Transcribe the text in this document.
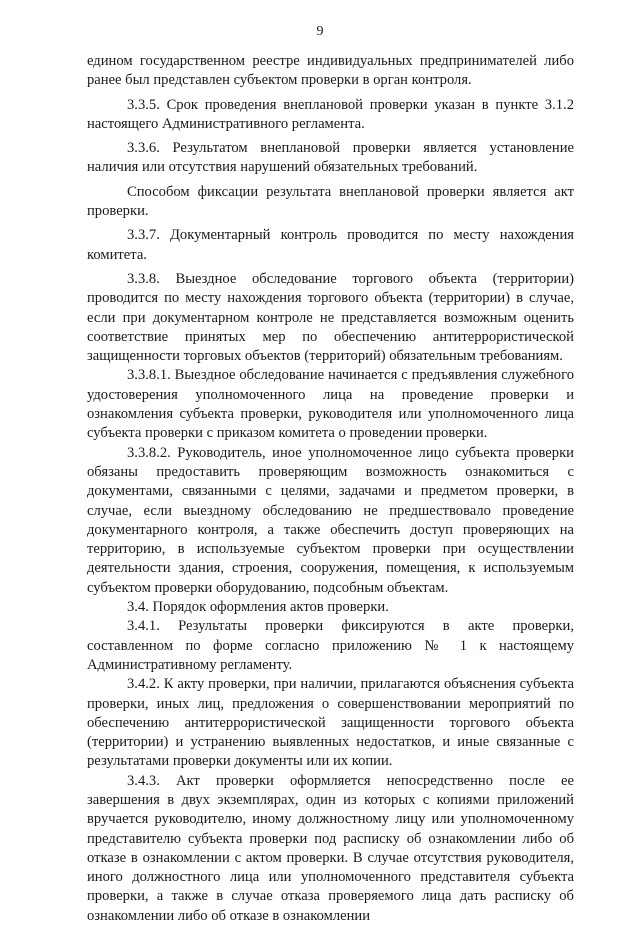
9

едином государственном реестре индивидуальных предпринимателей либо ранее был представлен субъектом проверки в орган контроля.

3.3.5. Срок проведения внеплановой проверки указан в пункте 3.1.2 настоящего Административного регламента.

3.3.6. Результатом внеплановой проверки является установление наличия или отсутствия нарушений обязательных требований.

Способом фиксации результата внеплановой проверки является акт проверки.

3.3.7. Документарный контроль проводится по месту нахождения комитета.

3.3.8. Выездное обследование торгового объекта (территории) проводится по месту нахождения торгового объекта (территории) в случае, если при документарном контроле не представляется возможным оценить соответствие принятых мер по обеспечению антитеррористической защищенности торговых объектов (территорий) обязательным требованиям.

3.3.8.1. Выездное обследование начинается с предъявления служебного удостоверения уполномоченного лица на проведение проверки и ознакомления субъекта проверки, руководителя или уполномоченного лица субъекта проверки с приказом комитета о проведении проверки.

3.3.8.2. Руководитель, иное уполномоченное лицо субъекта проверки обязаны предоставить проверяющим возможность ознакомиться с документами, связанными с целями, задачами и предметом проверки, в случае, если выездному обследованию не предшествовало проведение документарного контроля, а также обеспечить доступ проверяющих на территорию, в используемые субъектом проверки при осуществлении деятельности здания, строения, сооружения, помещения, к используемым субъектом проверки оборудованию, подсобным объектам.

3.4. Порядок оформления актов проверки.

3.4.1. Результаты проверки фиксируются в акте проверки, составленном по форме согласно приложению № 1 к настоящему Административному регламенту.

3.4.2. К акту проверки, при наличии, прилагаются объяснения субъекта проверки, иных лиц, предложения о совершенствовании мероприятий по обеспечению антитеррористической защищенности торгового объекта (территории) и устранению выявленных недостатков, и иные связанные с результатами проверки документы или их копии.

3.4.3. Акт проверки оформляется непосредственно после ее завершения в двух экземплярах, один из которых с копиями приложений вручается руководителю, иному должностному лицу или уполномоченному представителю субъекта проверки под расписку об ознакомлении либо об отказе в ознакомлении с актом проверки. В случае отсутствия руководителя, иного должностного лица или уполномоченного представителя субъекта проверки, а также в случае отказа проверяемого лица дать расписку об ознакомлении либо об отказе в ознакомлении
